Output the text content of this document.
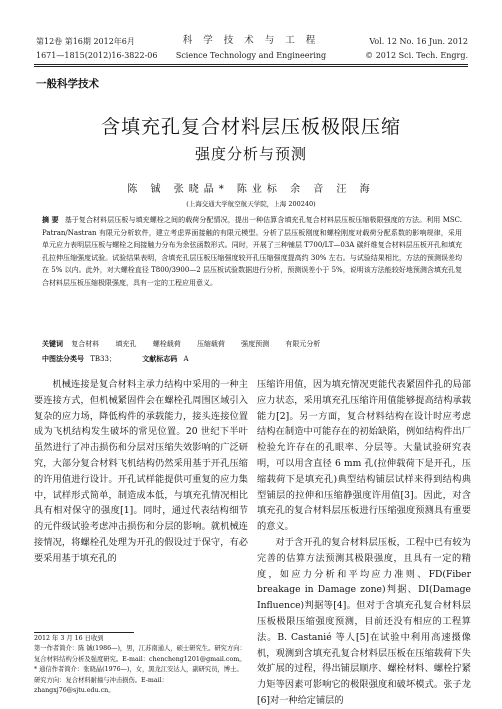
第12卷 第16期 2012年6月
1671—1815(2012)16-3822-06
科 学 技 术 与 工 程
Science Technology and Engineering
Vol. 12 No. 16 Jun. 2012
© 2012 Sci. Tech. Engrg.
一般科学技术
含填充孔复合材料层压板极限压缩
强度分析与预测
陈 铖 张晓晶* 陈业标 余 音 汪 海
(上海交通大学航空航天学院，上海 200240)
摘 要 基于复合材料层压板与填充螺栓之间的载荷分配情况，提出一种估算含填充孔复合材料层压板压缩极限强度的方法。利用 MSC. Patran/Nastran 有限元分析软件，建立考虑界面接触的有限元模型。分析了层压板刚度和螺栓刚度对载荷分配系数的影响规律，采用单元应力表明层压板与螺栓之间接触力分布为余弦函数形式。同时，开展了三种铺层 T700/LT—03A 碳纤维复合材料层压板开孔和填充孔拉伸压缩强度试验。试验结果表明，含填充孔层压板压缩强度较开孔压缩强度提高约 30% 左右。与试验结果相比，方法的预测误差均在 5% 以内。此外，对大螺栓直径 T800/3900—2 层压板试验数据进行分析，预测误差小于 5%，说明该方法能较好地预测含填充孔复合材料层压板压缩极限强度，具有一定的工程应用意义。
关键词 复合材料 填充孔 螺栓载荷 压缩载荷 强度预测 有限元分析
中图法分类号 TB33；	文献标志码 A

机械连接是复合材料主承力结构中采用的一种主要连接方式，但机械紧固件会在螺栓孔周围区域引入复杂的应力场，降低构件的承载能力，接头连接位置成为飞机结构发生破坏的常见位置。20 世纪下半叶虽然进行了冲击损伤和分层对压缩失效影响的广泛研究，大部分复合材料飞机结构仍然采用基于开孔压缩的许用值进行设计。开孔试样能提供可重复的应力集中，试样形式简单，制造成本低，与填充孔情况相比具有相对保守的强度[1]。同时，通过代表结构细节的元件级试验考虑冲击损伤和分层的影响。就机械连接情况，将螺栓孔处理为开孔的假设过于保守，有必要采用基于填充孔的

2012 年 3 月 16 日收到

第一作者简介：陈 铖(1986—)，男，江苏南通人，硕士研究生。研究方向：复合材料结构分析及强度研究。E-mail：chencheng1201@gmail.com。

* 通信作者简介：张晓晶(1976—)，女，黑龙江安达人，副研究员，博士。研究方向：复合材料耐撞与冲击损伤。E-mail：zhangxj76@sjtu.edu.cn。

压缩许用值，因为填充情况更能代表紧固件孔的局部应力状态，采用填充孔压缩许用值能够提高结构承载能力[2]。另一方面，复合材料结构在设计时应考虑结构在制造中可能存在的初始缺陷，例如结构件出厂检验允许存在的孔眼率、分层等。大量试验研究表明，可以用含直径 6 mm 孔(拉伸载荷下是开孔，压缩载荷下是填充孔)典型结构铺层试样来得到结构典型铺层的拉伸和压缩静强度许用值[3]。因此，对含填充孔的复合材料层压板进行压缩强度预测具有重要的意义。

对于含开孔的复合材料层压板，工程中已有较为完善的估算方法预测其极限强度，且具有一定的精度，如应力分析和平均应力准则、FD(Fiber breakage in Damage zone)判据、DI(Damage Influence)判据等[4]。但对于含填充孔复合材料层压板极限压缩强度预测，目前还没有相应的工程算法。B. Castanié 等人[5]在试验中利用高速摄像机，观测到含填充孔复合材料层压板在压缩载荷下失效扩展的过程，得出铺层顺序、螺栓材料、螺栓拧紧力矩等因素可影响它的极限强度和破坏模式。张子龙[6]对一种给定铺层的
